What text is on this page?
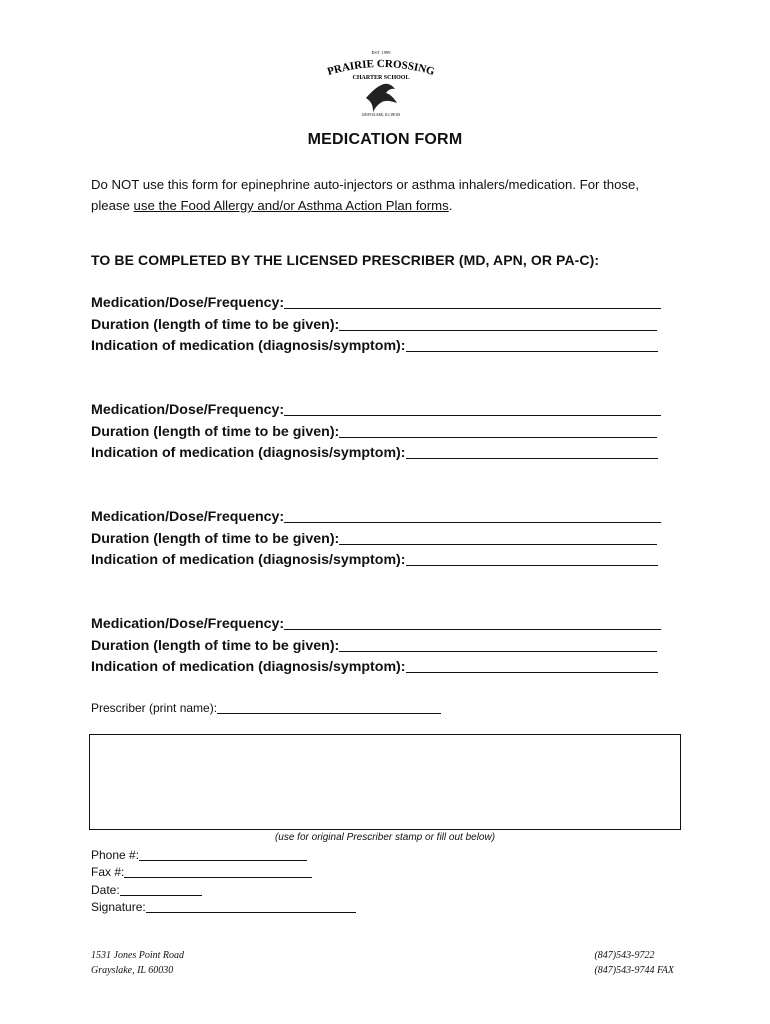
EST. 1999
PRAIRIE CROSSING
CHARTER SCHOOL
GRAYSLAKE, ILLINOIS
MEDICATION FORM
Do NOT use this form for epinephrine auto-injectors or asthma inhalers/medication. For those,
please use the Food Allergy and/or Asthma Action Plan forms.
TO BE COMPLETED BY THE LICENSED PRESCRIBER (MD, APN, OR PA-C):
Medication/Dose/Frequency:
Duration (length of time to be given):
Indication of medication (diagnosis/symptom):
Medication/Dose/Frequency:
Duration (length of time to be given):
Indication of medication (diagnosis/symptom):
Medication/Dose/Frequency:
Duration (length of time to be given):
Indication of medication (diagnosis/symptom):
Medication/Dose/Frequency:
Duration (length of time to be given):
Indication of medication (diagnosis/symptom):
Prescriber (print name):
(use for original Prescriber stamp or fill out below)
Phone #:
Fax #:
Date:
Signature:
1531 Jones Point Road
Grayslake, IL 60030
(847)543-9722
(847)543-9744 FAX
